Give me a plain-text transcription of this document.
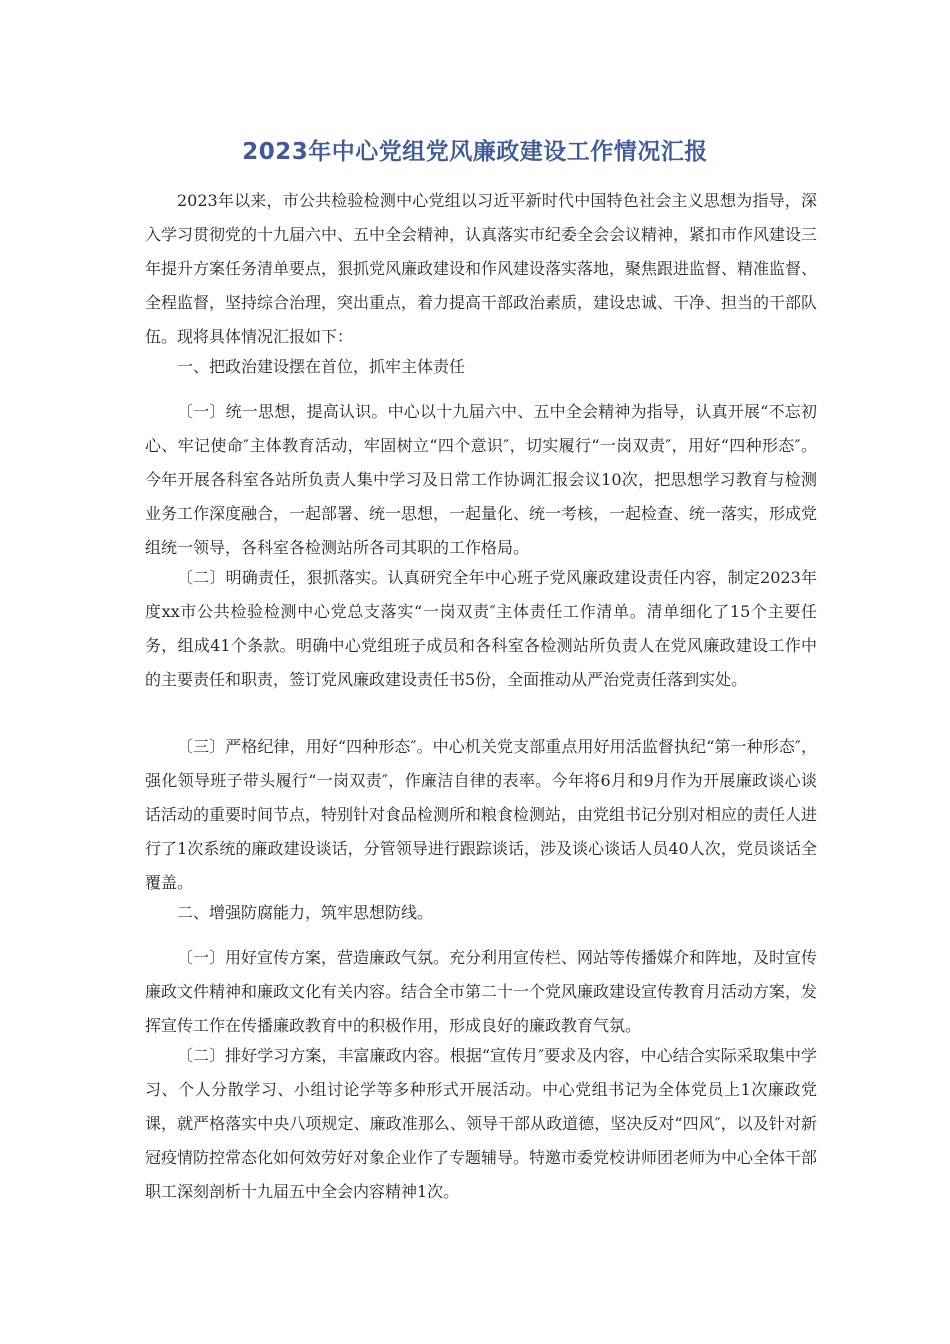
2023年中心党组党风廉政建设工作情况汇报

2023年以来，市公共检验检测中心党组以习近平新时代中国特色社会主义思想为指导，深入学习贯彻党的十九届六中、五中全会精神，认真落实市纪委全会会议精神，紧扣市作风建设三年提升方案任务清单要点，狠抓党风廉政建设和作风建设落实落地，聚焦跟进监督、精准监督、全程监督，坚持综合治理，突出重点，着力提高干部政治素质，建设忠诚、干净、担当的干部队伍。现将具体情况汇报如下：

一、把政治建设摆在首位，抓牢主体责任

〔一〕统一思想，提高认识。中心以十九届六中、五中全会精神为指导，认真开展“不忘初心、牢记使命″主体教育活动，牢固树立“四个意识″，切实履行“一岗双责″，用好“四种形态″。今年开展各科室各站所负责人集中学习及日常工作协调汇报会议10次，把思想学习教育与检测业务工作深度融合，一起部署、统一思想，一起量化、统一考核，一起检查、统一落实，形成党组统一领导，各科室各检测站所各司其职的工作格局。

〔二〕明确责任，狠抓落实。认真研究全年中心班子党风廉政建设责任内容，制定2023年度xx市公共检验检测中心党总支落实“一岗双责″主体责任工作清单。清单细化了15个主要任务，组成41个条款。明确中心党组班子成员和各科室各检测站所负责人在党风廉政建设工作中的主要责任和职责，签订党风廉政建设责任书5份，全面推动从严治党责任落到实处。

〔三〕严格纪律，用好“四种形态″。中心机关党支部重点用好用活监督执纪“第一种形态″，强化领导班子带头履行“一岗双责″，作廉洁自律的表率。今年将6月和9月作为开展廉政谈心谈话活动的重要时间节点，特别针对食品检测所和粮食检测站，由党组书记分别对相应的责任人进行了1次系统的廉政建设谈话，分管领导进行跟踪谈话，涉及谈心谈话人员40人次，党员谈话全覆盖。

二、增强防腐能力，筑牢思想防线。

〔一〕用好宣传方案，营造廉政气氛。充分利用宣传栏、网站等传播媒介和阵地，及时宣传廉政文件精神和廉政文化有关内容。结合全市第二十一个党风廉政建设宣传教育月活动方案，发挥宣传工作在传播廉政教育中的积极作用，形成良好的廉政教育气氛。

〔二〕排好学习方案，丰富廉政内容。根据“宣传月″要求及内容，中心结合实际采取集中学习、个人分散学习、小组讨论学等多种形式开展活动。中心党组书记为全体党员上1次廉政党课，就严格落实中央八项规定、廉政准那么、领导干部从政道德，坚决反对“四风″，以及针对新冠疫情防控常态化如何效劳好对象企业作了专题辅导。特邀市委党校讲师团老师为中心全体干部职工深刻剖析十九届五中全会内容精神1次。
